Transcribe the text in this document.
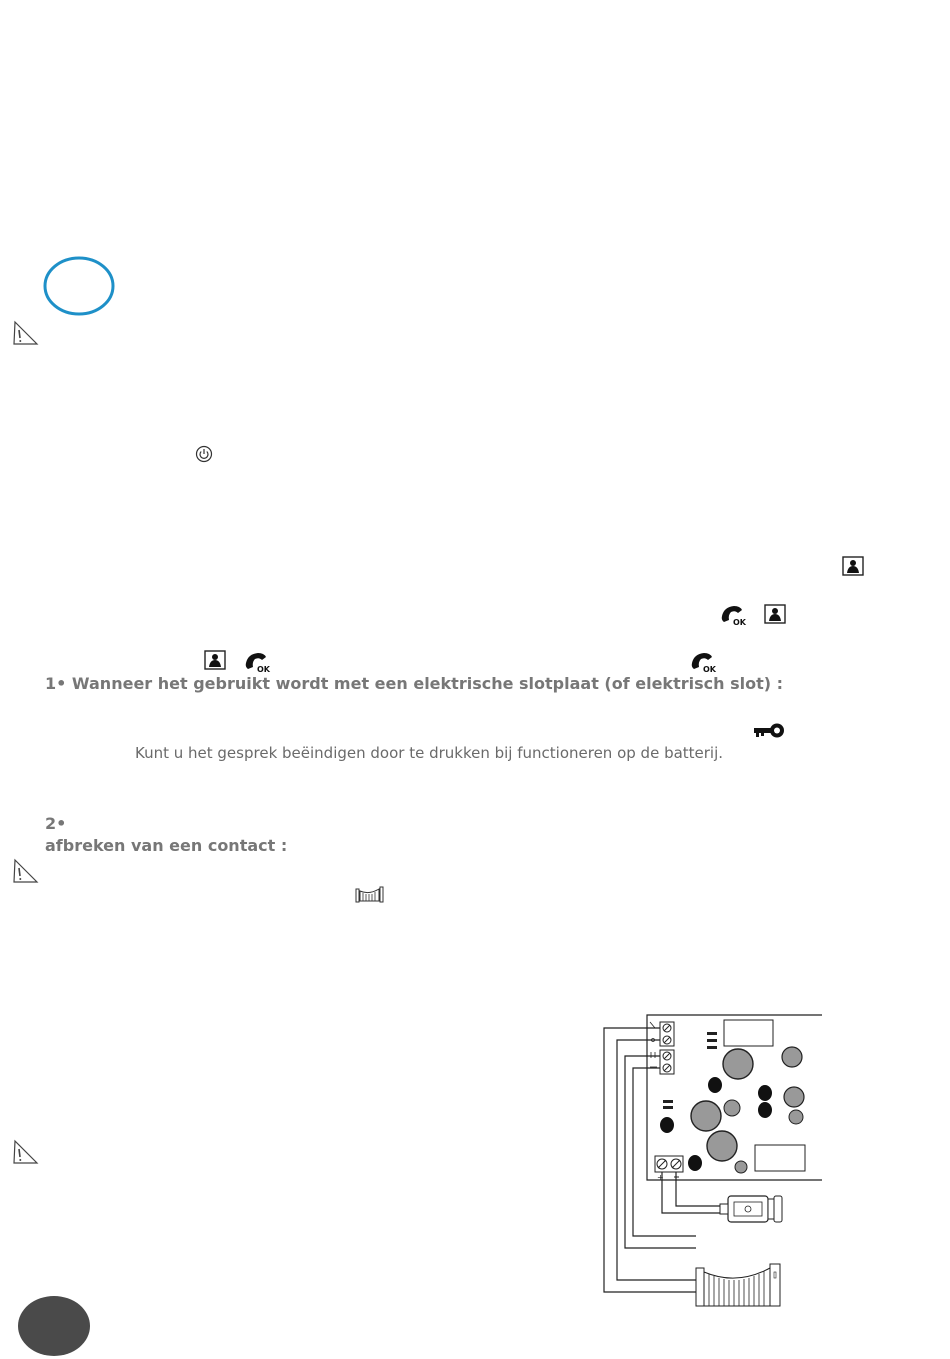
OK
OK	OK
1• Wanneer het gebruikt wordt met een elektrische slotplaat (of elektrisch slot) :
Kunt u het gesprek beëindigen door te drukken bij functioneren op de batterij.
2•
afbreken van een contact :
+
